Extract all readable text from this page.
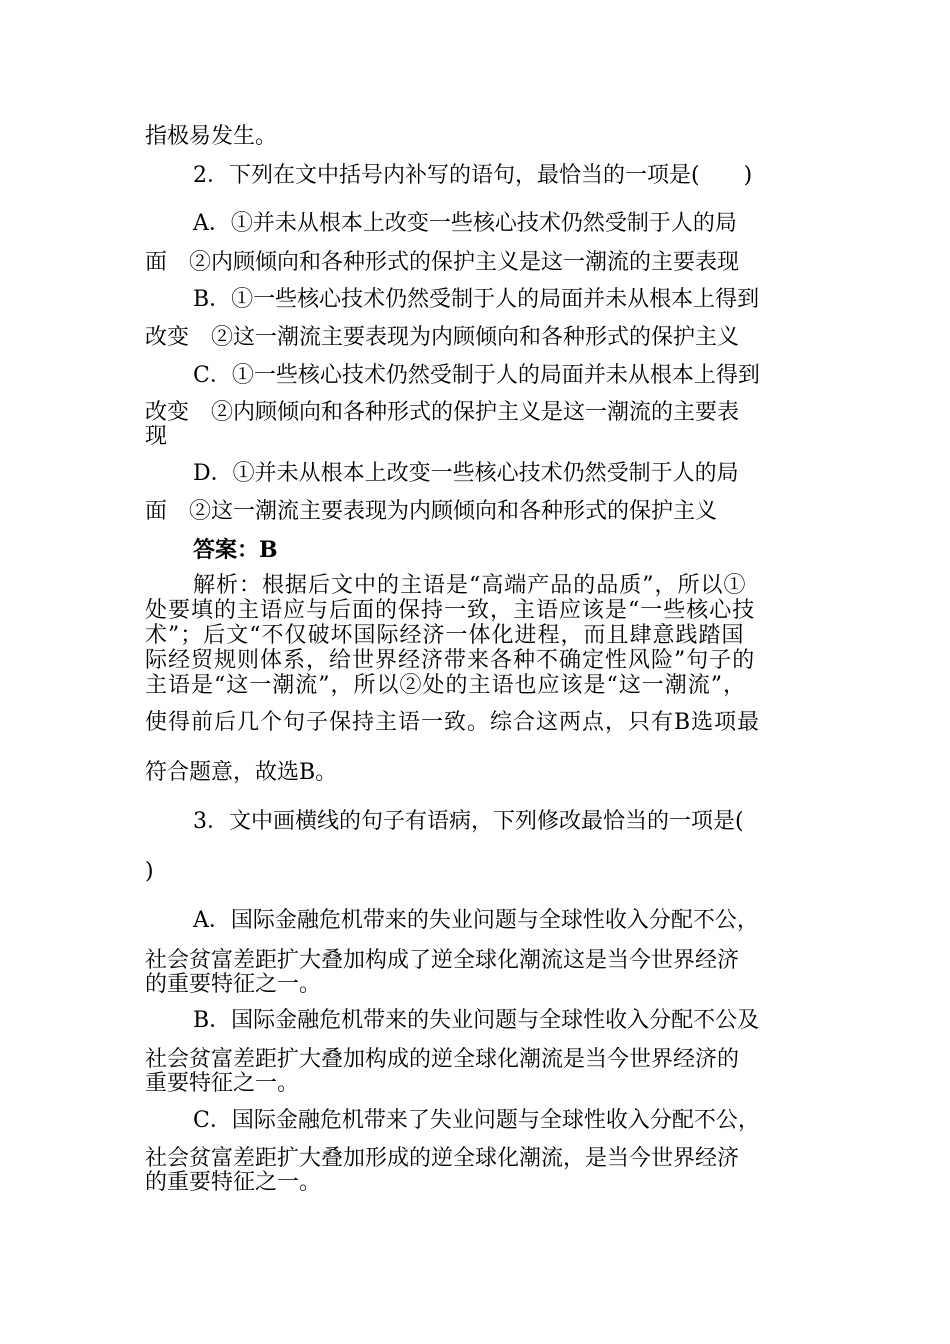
指极易发生。
2．下列在文中括号内补写的语句，最恰当的一项是(　　)
A．①并未从根本上改变一些核心技术仍然受制于人的局
面　②内顾倾向和各种形式的保护主义是这一潮流的主要表现
B．①一些核心技术仍然受制于人的局面并未从根本上得到
改变　②这一潮流主要表现为内顾倾向和各种形式的保护主义
C．①一些核心技术仍然受制于人的局面并未从根本上得到
改变　②内顾倾向和各种形式的保护主义是这一潮流的主要表
现
D．①并未从根本上改变一些核心技术仍然受制于人的局
面　②这一潮流主要表现为内顾倾向和各种形式的保护主义
答案：B
解析：根据后文中的主语是“高端产品的品质”，所以①
处要填的主语应与后面的保持一致，主语应该是“一些核心技
术”；后文“不仅破坏国际经济一体化进程，而且肆意践踏国
际经贸规则体系，给世界经济带来各种不确定性风险”句子的
主语是“这一潮流”，所以②处的主语也应该是“这一潮流”，
使得前后几个句子保持主语一致。综合这两点，只有B选项最
符合题意，故选B。
3．文中画横线的句子有语病，下列修改最恰当的一项是(
)
A．国际金融危机带来的失业问题与全球性收入分配不公，
社会贫富差距扩大叠加构成了逆全球化潮流这是当今世界经济
的重要特征之一。
B．国际金融危机带来的失业问题与全球性收入分配不公及
社会贫富差距扩大叠加构成的逆全球化潮流是当今世界经济的
重要特征之一。
C．国际金融危机带来了失业问题与全球性收入分配不公，
社会贫富差距扩大叠加形成的逆全球化潮流，是当今世界经济
的重要特征之一。
